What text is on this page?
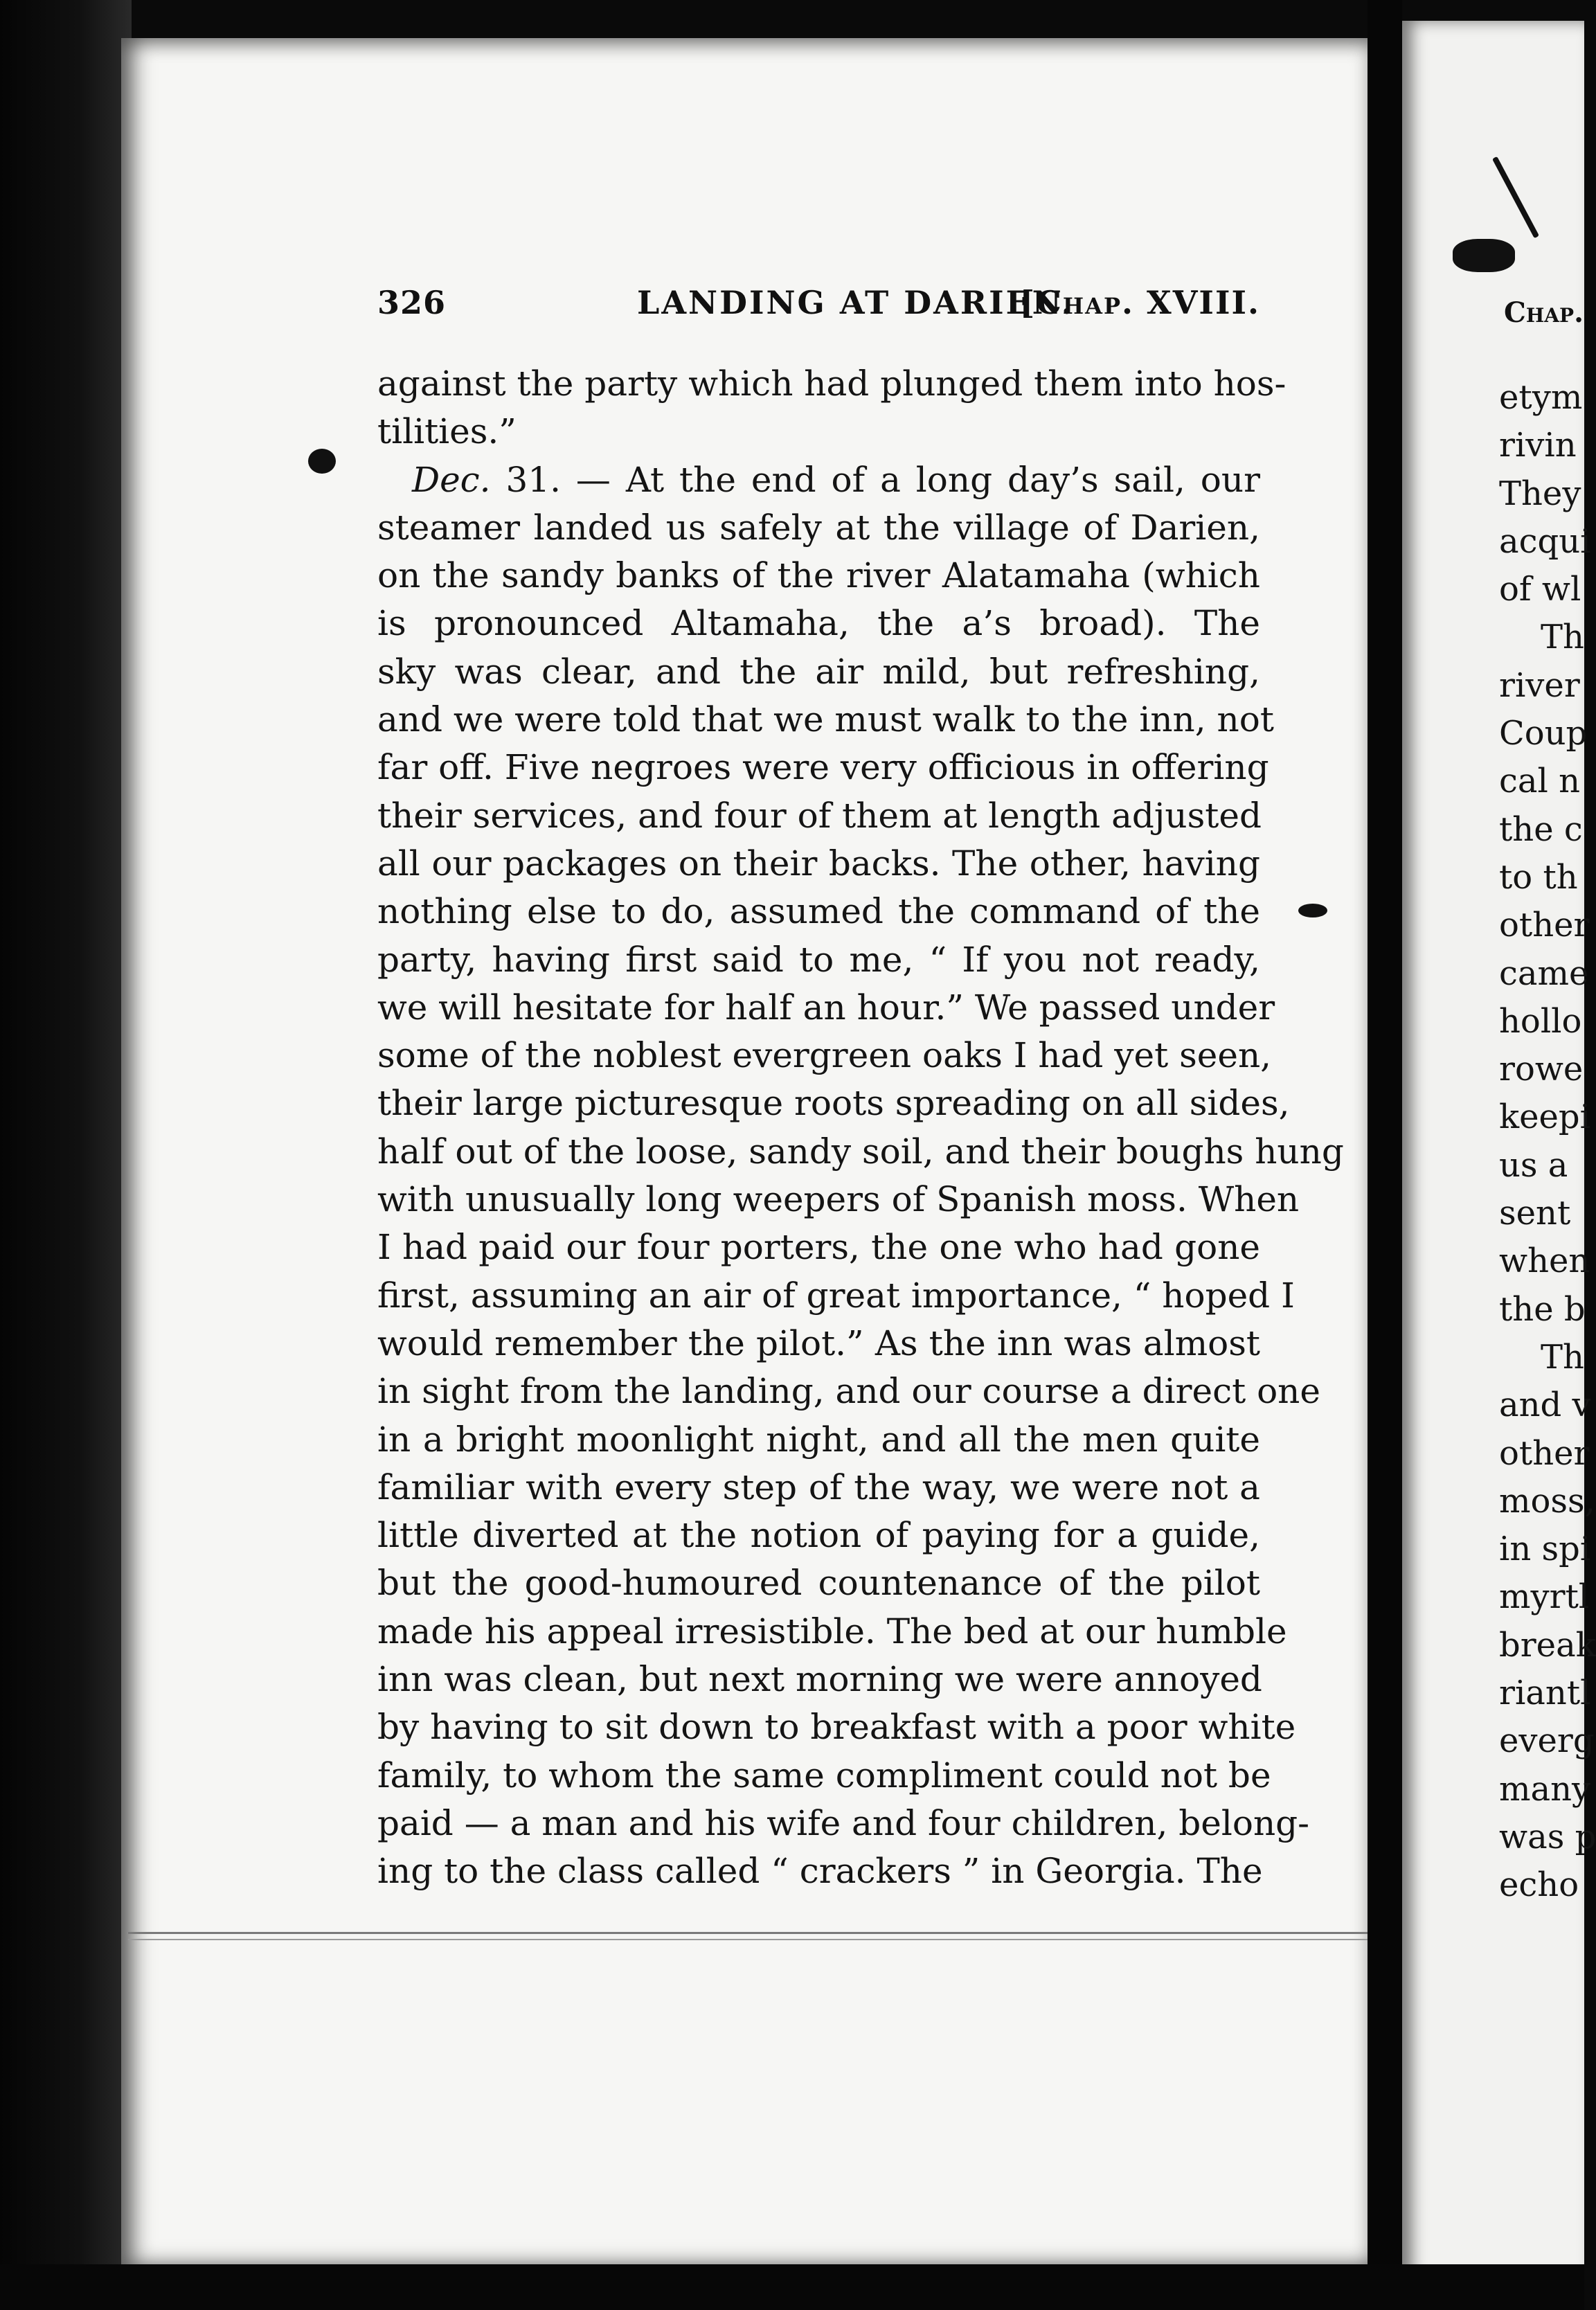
326	LANDING AT DARIEN.
[Chap. XVIII.
against the party which had plunged them into hos-
tilities.”
Dec. 31. — At the end of a long day’s sail, our
steamer landed us safely at the village of Darien,
on the sandy banks of the river Alatamaha (which
is pronounced Altamaha, the a’s broad). The
sky was clear, and the air mild, but refreshing,
and we were told that we must walk to the inn, not
far off. Five negroes were very officious in offering
their services, and four of them at length adjusted
all our packages on their backs. The other, having
nothing else to do, assumed the command of the
party, having first said to me, “ If you not ready,
we will hesitate for half an hour.” We passed under
some of the noblest evergreen oaks I had yet seen,
their large picturesque roots spreading on all sides,
half out of the loose, sandy soil, and their boughs hung
with unusually long weepers of Spanish moss. When
I had paid our four porters, the one who had gone
first, assuming an air of great importance, “ hoped I
would remember the pilot.” As the inn was almost
in sight from the landing, and our course a direct one
in a bright moonlight night, and all the men quite
familiar with every step of the way, we were not a
little diverted at the notion of paying for a guide,
but the good-humoured countenance of the pilot
made his appeal irresistible. The bed at our humble
inn was clean, but next morning we were annoyed
by having to sit down to breakfast with a poor white
family, to whom the same compliment could not be
paid — a man and his wife and four children, belong-
ing to the class called “ crackers ” in Georgia. The
Chap.
etym
rivin
They
acqui
of wl
Th
river
Coup
cal n
the c
to th
other
came
hollo
rowe
keepi
us a
sent
when
the b
Th
and v
other
moss,
in spi
myrtl
break
riantl
everg
many
was p
echo
